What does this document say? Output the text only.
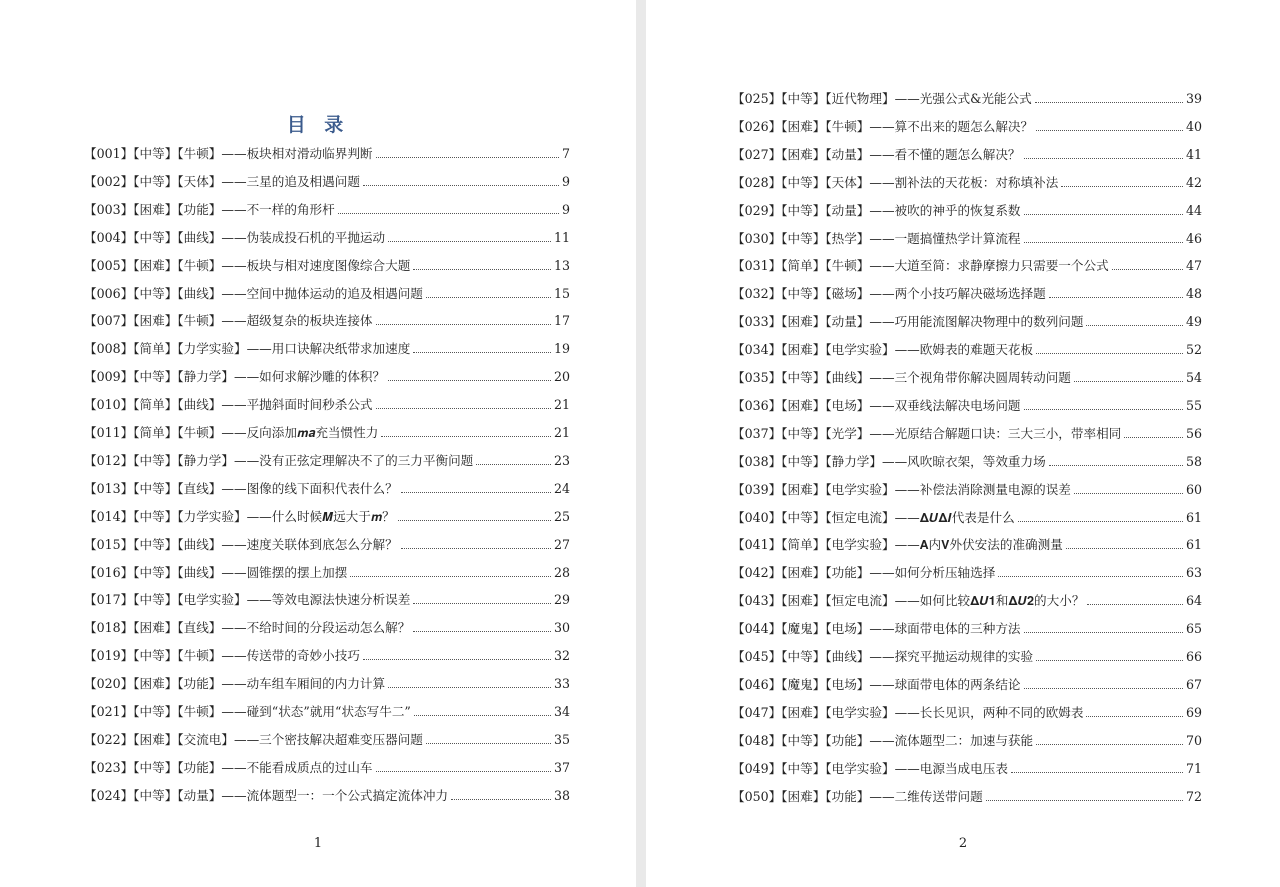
目 录
【001】【中等】【牛顿】——板块相对滑动临界判断	7
【002】【中等】【天体】——三星的追及相遇问题	9
【003】【困难】【功能】——不一样的角形杆	9
【004】【中等】【曲线】——伪装成投石机的平抛运动	11
【005】【困难】【牛顿】——板块与相对速度图像综合大题	13
【006】【中等】【曲线】——空间中抛体运动的追及相遇问题	15
【007】【困难】【牛顿】——超级复杂的板块连接体	17
【008】【简单】【力学实验】——用口诀解决纸带求加速度	19
【009】【中等】【静力学】——如何求解沙雕的体积？	20
【010】【简单】【曲线】——平抛斜面时间秒杀公式	21
【011】【简单】【牛顿】——反向添加𝒎𝒂充当惯性力	21
【012】【中等】【静力学】——没有正弦定理解决不了的三力平衡问题	23
【013】【中等】【直线】——图像的线下面积代表什么？	24
【014】【中等】【力学实验】——什么时候𝑴远大于𝒎？	25
【015】【中等】【曲线】——速度关联体到底怎么分解？	27
【016】【中等】【曲线】——圆锥摆的摆上加摆	28
【017】【中等】【电学实验】——等效电源法快速分析误差	29
【018】【困难】【直线】——不给时间的分段运动怎么解？	30
【019】【中等】【牛顿】——传送带的奇妙小技巧	32
【020】【困难】【功能】——动车组车厢间的内力计算	33
【021】【中等】【牛顿】——碰到“状态”就用“状态写牛二”	34
【022】【困难】【交流电】——三个密技解决超难变压器问题	35
【023】【中等】【功能】——不能看成质点的过山车	37
【024】【中等】【动量】——流体题型一：一个公式搞定流体冲力	38
1
【025】【中等】【近代物理】——光强公式&光能公式	39
【026】【困难】【牛顿】——算不出来的题怎么解决？	40
【027】【困难】【动量】——看不懂的题怎么解决？	41
【028】【中等】【天体】——割补法的天花板：对称填补法	42
【029】【中等】【动量】——被吹的神乎的恢复系数	44
【030】【中等】【热学】——一题搞懂热学计算流程	46
【031】【简单】【牛顿】——大道至简：求静摩擦力只需要一个公式	47
【032】【中等】【磁场】——两个小技巧解决磁场选择题	48
【033】【困难】【动量】——巧用能流图解决物理中的数列问题	49
【034】【困难】【电学实验】——欧姆表的难题天花板	52
【035】【中等】【曲线】——三个视角带你解决圆周转动问题	54
【036】【困难】【电场】——双垂线法解决电场问题	55
【037】【中等】【光学】——光原结合解题口诀：三大三小，带率相同	56
【038】【中等】【静力学】——风吹晾衣架，等效重力场	58
【039】【困难】【电学实验】——补偿法消除测量电源的误差	60
【040】【中等】【恒定电流】——𝚫𝑼𝚫𝑰代表是什么	61
【041】【简单】【电学实验】——𝐀内𝐕外伏安法的准确测量	61
【042】【困难】【功能】——如何分析压轴选择	63
【043】【困难】【恒定电流】——如何比较𝚫𝑼𝟏和𝚫𝑼𝟐的大小？	64
【044】【魔鬼】【电场】——球面带电体的三种方法	65
【045】【中等】【曲线】——探究平抛运动规律的实验	66
【046】【魔鬼】【电场】——球面带电体的两条结论	67
【047】【困难】【电学实验】——长长见识，两种不同的欧姆表	69
【048】【中等】【功能】——流体题型二：加速与获能	70
【049】【中等】【电学实验】——电源当成电压表	71
【050】【困难】【功能】——二维传送带问题	72
2
